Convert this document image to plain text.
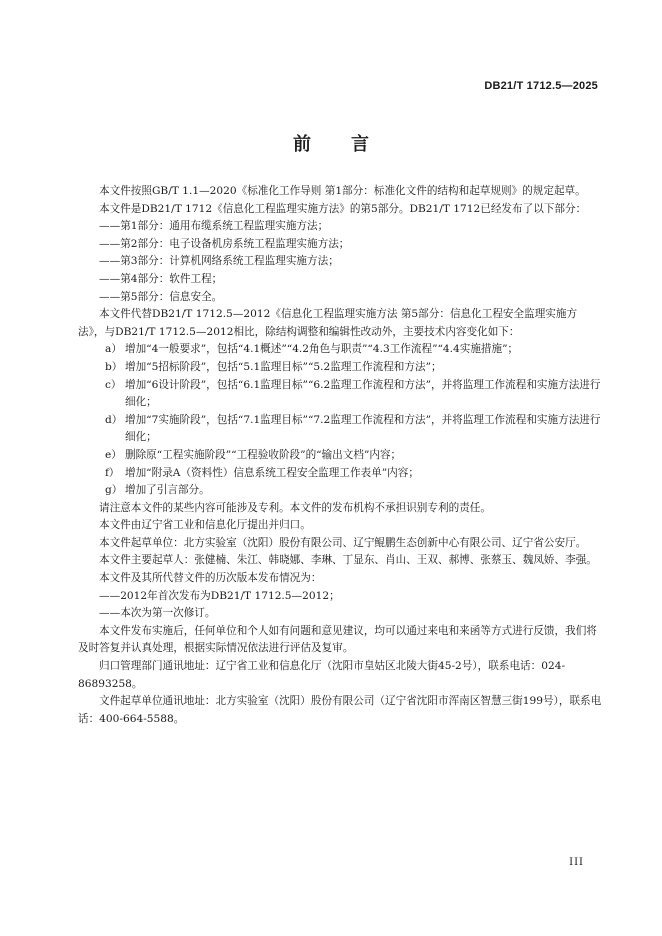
DB21/T 1712.5—2025
前言

本文件按照GB/T 1.1—2020《标准化工作导则 第1部分：标准化文件的结构和起草规则》的规定起草。

本文件是DB21/T 1712《信息化工程监理实施方法》的第5部分。DB21/T 1712已经发布了以下部分：

——第1部分：通用布缆系统工程监理实施方法；

——第2部分：电子设备机房系统工程监理实施方法；

——第3部分：计算机网络系统工程监理实施方法；

——第4部分：软件工程；

——第5部分：信息安全。

本文件代替DB21/T 1712.5—2012《信息化工程监理实施方法 第5部分：信息化工程安全监理实施方法》，与DB21/T 1712.5—2012相比，除结构调整和编辑性改动外，主要技术内容变化如下：

a） 增加“4一般要求”，包括“4.1概述”“4.2角色与职责”“4.3工作流程”“4.4实施措施”；

b） 增加“5招标阶段”，包括“5.1监理目标”“5.2监理工作流程和方法”；

c） 增加“6设计阶段”，包括“6.1监理目标”“6.2监理工作流程和方法”，并将监理工作流程和实施方法进行细化；

d） 增加“7实施阶段”，包括“7.1监理目标”“7.2监理工作流程和方法”，并将监理工作流程和实施方法进行细化；

e） 删除原“工程实施阶段”“工程验收阶段”的“输出文档”内容；

f） 增加“附录A（资料性）信息系统工程安全监理工作表单”内容；

g） 增加了引言部分。

请注意本文件的某些内容可能涉及专利。本文件的发布机构不承担识别专利的责任。

本文件由辽宁省工业和信息化厅提出并归口。

本文件起草单位：北方实验室（沈阳）股份有限公司、辽宁鲲鹏生态创新中心有限公司、辽宁省公安厅。

本文件主要起草人：张健楠、朱江、韩晓娜、李琳、丁显东、肖山、王双、郝博、张蔡玉、魏凤娇、李强。

本文件及其所代替文件的历次版本发布情况为：

——2012年首次发布为DB21/T 1712.5—2012；

——本次为第一次修订。

本文件发布实施后，任何单位和个人如有问题和意见建议，均可以通过来电和来函等方式进行反馈，我们将及时答复并认真处理，根据实际情况依法进行评估及复审。

归口管理部门通讯地址：辽宁省工业和信息化厅（沈阳市皇姑区北陵大街45-2号），联系电话：024-86893258。

文件起草单位通讯地址：北方实验室（沈阳）股份有限公司（辽宁省沈阳市浑南区智慧三街199号），联系电话：400-664-5588。

III
